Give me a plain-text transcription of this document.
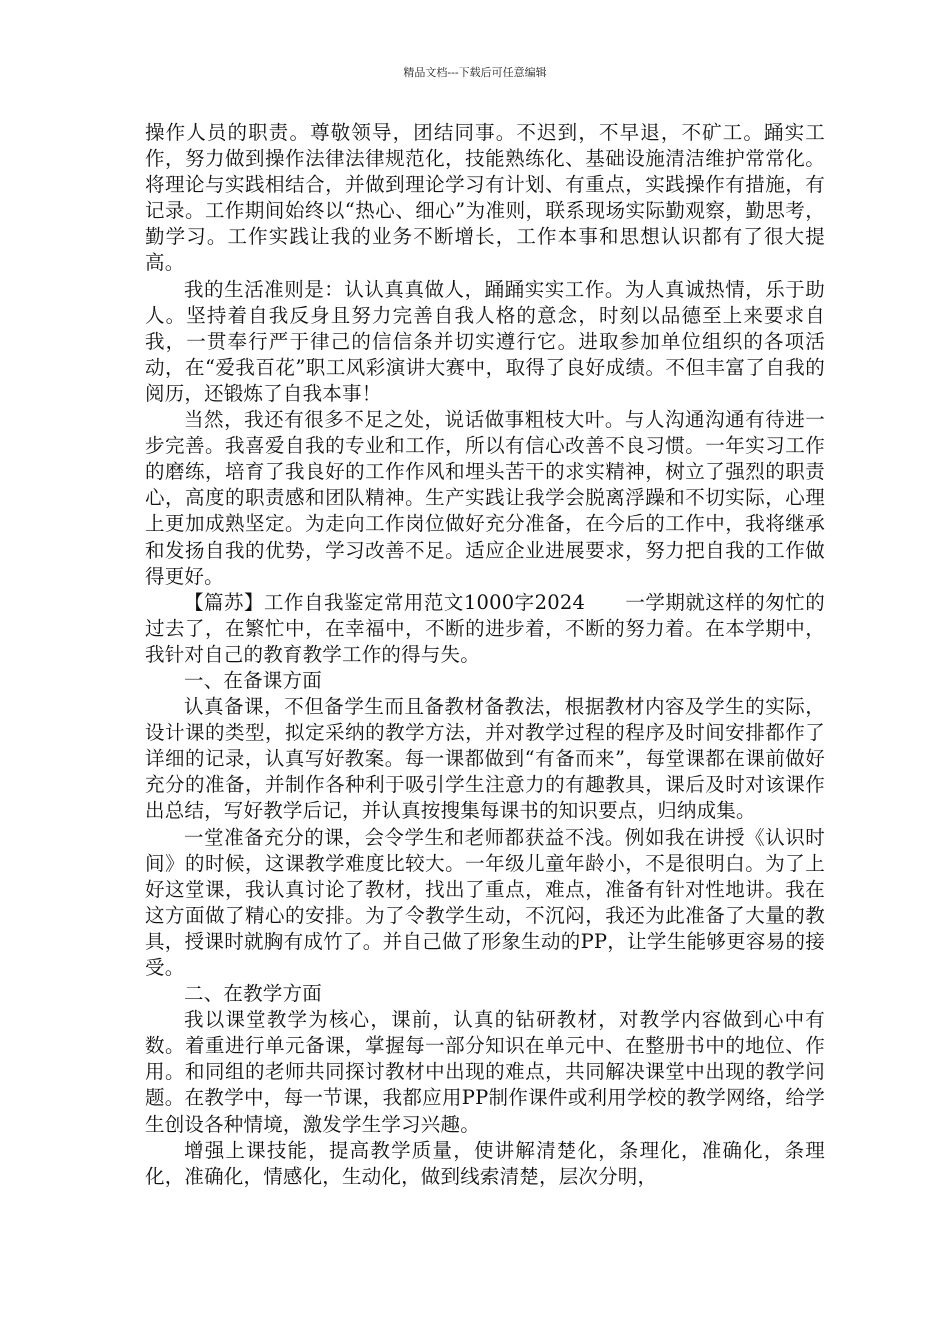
精品文档---下载后可任意编辑

操作人员的职责。尊敬领导，团结同事。不迟到，不早退，不矿工。踊实工作，努力做到操作法律法律规范化，技能熟练化、基础设施清洁维护常常化。将理论与实践相结合，并做到理论学习有计划、有重点，实践操作有措施，有记录。工作期间始终以“热心、细心”为准则，联系现场实际勤观察，勤思考，勤学习。工作实践让我的业务不断增长，工作本事和思想认识都有了很大提高。

我的生活准则是：认认真真做人，踊踊实实工作。为人真诚热情，乐于助人。坚持着自我反身且努力完善自我人格的意念，时刻以品德至上来要求自我，一贯奉行严于律己的信信条并切实遵行它。进取参加单位组织的各项活动，在“爱我百花”职工风彩演讲大赛中，取得了良好成绩。不但丰富了自我的阅历，还锻炼了自我本事！

当然，我还有很多不足之处，说话做事粗枝大叶。与人沟通沟通有待进一步完善。我喜爱自我的专业和工作，所以有信心改善不良习惯。一年实习工作的磨练，培育了我良好的工作作风和埋头苦干的求实精神，树立了强烈的职责心，高度的职责感和团队精神。生产实践让我学会脱离浮躁和不切实际，心理上更加成熟坚定。为走向工作岗位做好充分准备，在今后的工作中，我将继承和发扬自我的优势，学习改善不足。适应企业进展要求，努力把自我的工作做得更好。

【篇苏】工作自我鉴定常用范文1000字2024　　一学期就这样的匆忙的过去了，在繁忙中，在幸福中，不断的进步着，不断的努力着。在本学期中，我针对自己的教育教学工作的得与失。

一、在备课方面

认真备课，不但备学生而且备教材备教法，根据教材内容及学生的实际，设计课的类型，拟定采纳的教学方法，并对教学过程的程序及时间安排都作了详细的记录，认真写好教案。每一课都做到“有备而来”，每堂课都在课前做好充分的准备，并制作各种利于吸引学生注意力的有趣教具，课后及时对该课作出总结，写好教学后记，并认真按搜集每课书的知识要点，归纳成集。

一堂准备充分的课，会令学生和老师都获益不浅。例如我在讲授《认识时间》的时候，这课教学难度比较大。一年级儿童年龄小，不是很明白。为了上好这堂课，我认真讨论了教材，找出了重点，难点，准备有针对性地讲。我在这方面做了精心的安排。为了令教学生动，不沉闷，我还为此准备了大量的教具，授课时就胸有成竹了。并自己做了形象生动的PP，让学生能够更容易的接受。

二、在教学方面

我以课堂教学为核心，课前，认真的钻研教材，对教学内容做到心中有数。着重进行单元备课，掌握每一部分知识在单元中、在整册书中的地位、作用。和同组的老师共同探讨教材中出现的难点，共同解决课堂中出现的教学问题。在教学中，每一节课，我都应用PP制作课件或利用学校的教学网络，给学生创设各种情境，激发学生学习兴趣。

增强上课技能，提高教学质量，使讲解清楚化，条理化，准确化，条理化，准确化，情感化，生动化，做到线索清楚，层次分明，
